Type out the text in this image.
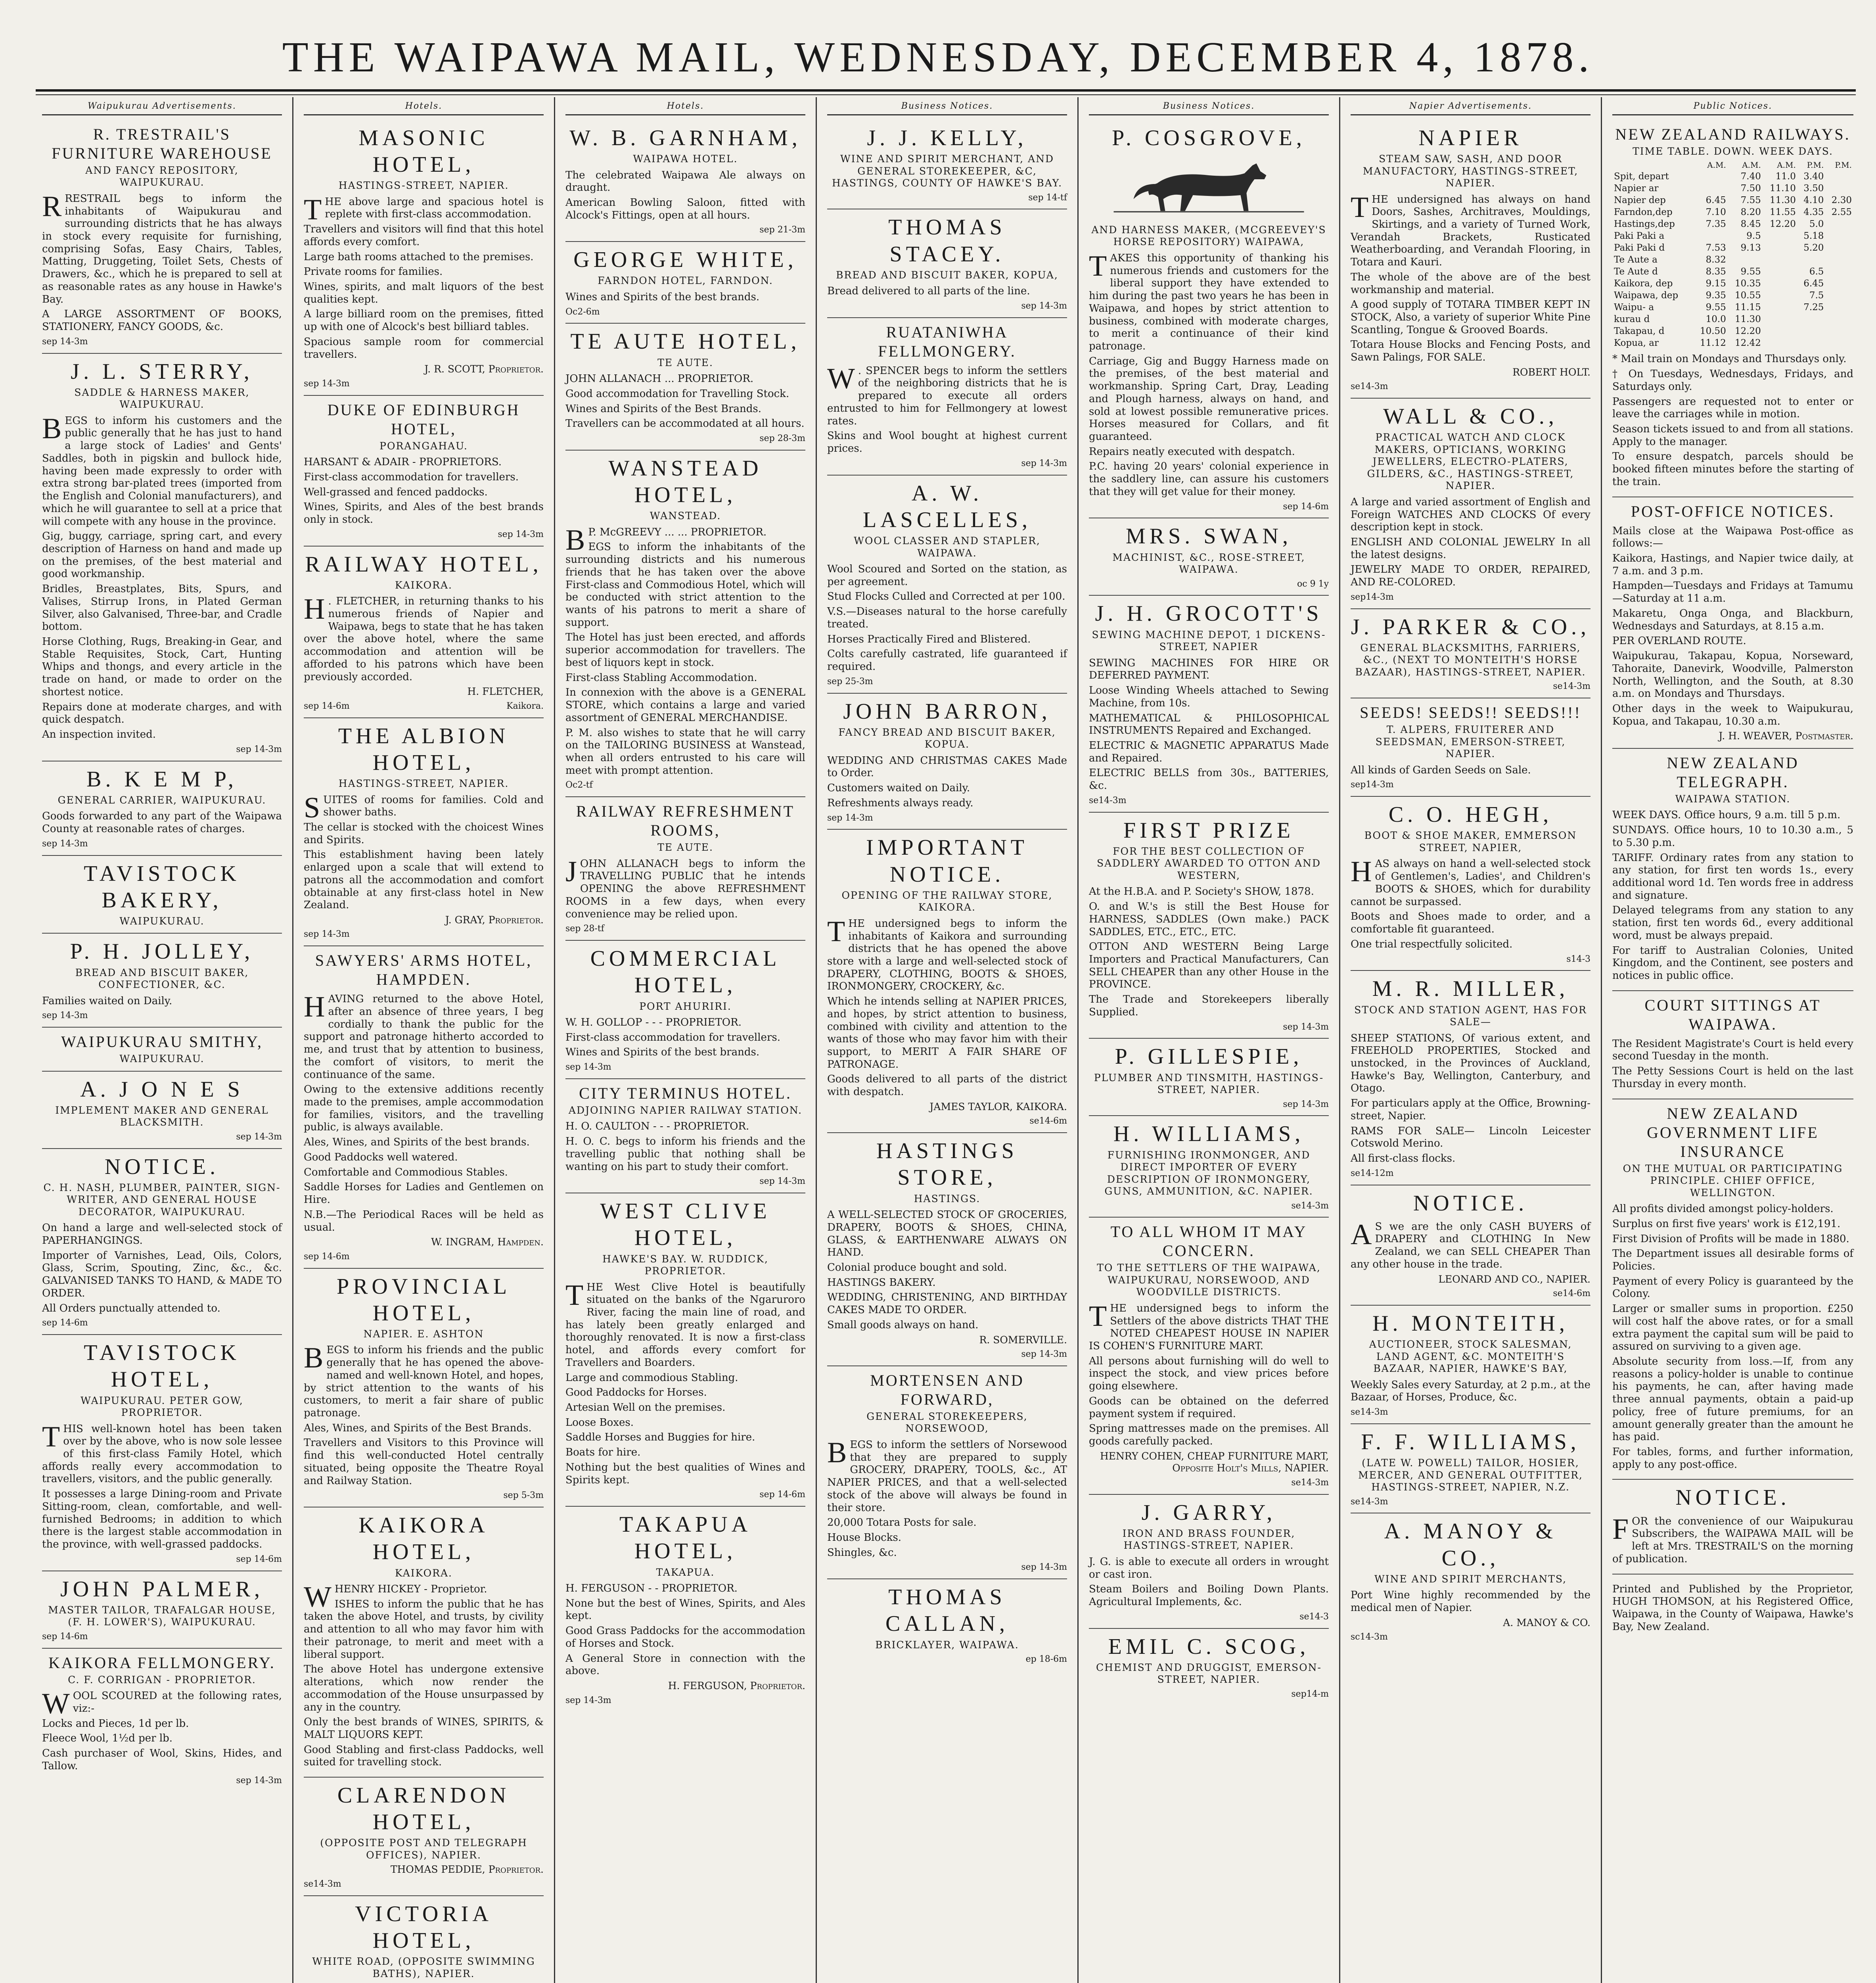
THE WAIPAWA MAIL, WEDNESDAY, DECEMBER 4, 1878.
Waipukurau Advertisements.
R. TRESTRAIL'S FURNITURE WAREHOUSE
AND FANCY REPOSITORY, WAIPUKURAU.

RRESTRAIL begs to inform the inhabitants of Waipukurau and surrounding districts that he has always in stock every requisite for furnishing, comprising Sofas, Easy Chairs, Tables, Matting, Druggeting, Toilet Sets, Chests of Drawers, &c., which he is prepared to sell at as reasonable rates as any house in Hawke's Bay.

A LARGE ASSORTMENT OF BOOKS, STATIONERY, FANCY GOODS, &c.

sep 14-3m
J. L. STERRY,
SADDLE & HARNESS MAKER, WAIPUKURAU.

BEGS to inform his customers and the public generally that he has just to hand a large stock of Ladies' and Gents' Saddles, both in pigskin and bullock hide, having been made expressly to order with extra strong bar-plated trees (imported from the English and Colonial manufacturers), and which he will guarantee to sell at a price that will compete with any house in the province.

Gig, buggy, carriage, spring cart, and every description of Harness on hand and made up on the premises, of the best material and good workmanship.

Bridles, Breastplates, Bits, Spurs, and Valises, Stirrup Irons, in Plated German Silver, also Galvanised, Three-bar, and Cradle bottom.

Horse Clothing, Rugs, Breaking-in Gear, and Stable Requisites, Stock, Cart, Hunting Whips and thongs, and every article in the trade on hand, or made to order on the shortest notice.

Repairs done at moderate charges, and with quick despatch.

An inspection invited.

sep 14-3m
B. K E M P,
GENERAL CARRIER, WAIPUKURAU.

Goods forwarded to any part of the Waipawa County at reasonable rates of charges.

sep 14-3m
TAVISTOCK BAKERY,
WAIPUKURAU.
P. H. JOLLEY,
BREAD AND BISCUIT BAKER, CONFECTIONER, &C.

Families waited on Daily.

sep 14-3m
WAIPUKURAU SMITHY,
WAIPUKURAU.
A. J O N E S
IMPLEMENT MAKER AND GENERAL BLACKSMITH.
sep 14-3m
NOTICE.
C. H. NASH, PLUMBER, PAINTER, SIGN-WRITER, AND GENERAL HOUSE DECORATOR, WAIPUKURAU.

On hand a large and well-selected stock of PAPERHANGINGS.

Importer of Varnishes, Lead, Oils, Colors, Glass, Scrim, Spouting, Zinc, &c., &c. GALVANISED TANKS TO HAND, & MADE TO ORDER.

All Orders punctually attended to.

sep 14-6m
TAVISTOCK HOTEL,
WAIPUKURAU. PETER GOW, PROPRIETOR.

THIS well-known hotel has been taken over by the above, who is now sole lessee of this first-class Family Hotel, which affords really every accommodation to travellers, visitors, and the public generally.

It possesses a large Dining-room and Private Sitting-room, clean, comfortable, and well-furnished Bedrooms; in addition to which there is the largest stable accommodation in the province, with well-grassed paddocks.

sep 14-6m
JOHN PALMER,
MASTER TAILOR, TRAFALGAR HOUSE, (F. H. LOWER'S), WAIPUKURAU.
sep 14-6m
KAIKORA FELLMONGERY.
C. F. CORRIGAN - PROPRIETOR.

WOOL SCOURED at the following rates, viz:-

Locks and Pieces, 1d per lb.

Fleece Wool, 1½d per lb.

Cash purchaser of Wool, Skins, Hides, and Tallow.

sep 14-3m
Hotels.
MASONIC HOTEL,
HASTINGS-STREET, NAPIER.

THE above large and spacious hotel is replete with first-class accommodation.

Travellers and visitors will find that this hotel affords every comfort.

Large bath rooms attached to the premises.

Private rooms for families.

Wines, spirits, and malt liquors of the best qualities kept.

A large billiard room on the premises, fitted up with one of Alcock's best billiard tables.

Spacious sample room for commercial travellers.

J. R. SCOTT, Proprietor.
sep 14-3m
DUKE OF EDINBURGH HOTEL,
PORANGAHAU.

HARSANT & ADAIR - PROPRIETORS.

First-class accommodation for travellers.

Well-grassed and fenced paddocks.

Wines, Spirits, and Ales of the best brands only in stock.

sep 14-3m
RAILWAY HOTEL,
KAIKORA.

H . FLETCHER, in returning thanks to his numerous friends of Napier and Waipawa, begs to state that he has taken over the above hotel, where the same accommodation and attention will be afforded to his patrons which have been previously accorded.

H. FLETCHER,
sep 14-6m	Kaikora.
THE ALBION HOTEL,
HASTINGS-STREET, NAPIER.

SUITES of rooms for families. Cold and shower baths.

The cellar is stocked with the choicest Wines and Spirits.

This establishment having been lately enlarged upon a scale that will extend to patrons all the accommodation and comfort obtainable at any first-class hotel in New Zealand.

J. GRAY, Proprietor.
sep 14-3m
SAWYERS' ARMS HOTEL, HAMPDEN.

HAVING returned to the above Hotel, after an absence of three years, I beg cordially to thank the public for the support and patronage hitherto accorded to me, and trust that by attention to business, the comfort of visitors, to merit the continuance of the same.

Owing to the extensive additions recently made to the premises, ample accommodation for families, visitors, and the travelling public, is always available.

Ales, Wines, and Spirits of the best brands.

Good Paddocks well watered.

Comfortable and Commodious Stables.

Saddle Horses for Ladies and Gentlemen on Hire.

N.B.—The Periodical Races will be held as usual.

W. INGRAM, Hampden.
sep 14-6m
PROVINCIAL HOTEL,
NAPIER. E. ASHTON

BEGS to inform his friends and the public generally that he has opened the above-named and well-known Hotel, and hopes, by strict attention to the wants of his customers, to merit a fair share of public patronage.

Ales, Wines, and Spirits of the Best Brands.

Travellers and Visitors to this Province will find this well-conducted Hotel centrally situated, being opposite the Theatre Royal and Railway Station.

sep 5-3m
KAIKORA HOTEL,
KAIKORA.

WHENRY HICKEY - Proprietor.

ISHES to inform the public that he has taken the above Hotel, and trusts, by civility and attention to all who may favor him with their patronage, to merit and meet with a liberal support.

The above Hotel has undergone extensive alterations, which now render the accommodation of the House unsurpassed by any in the country.

Only the best brands of WINES, SPIRITS, & MALT LIQUORS KEPT.

Good Stabling and first-class Paddocks, well suited for travelling stock.

CLARENDON HOTEL,
(OPPOSITE POST AND TELEGRAPH OFFICES), NAPIER.
THOMAS PEDDIE, Proprietor.
se14-3m
VICTORIA HOTEL,
WHITE ROAD, (OPPOSITE SWIMMING BATHS), NAPIER.
Hotels.
W. B. GARNHAM,
WAIPAWA HOTEL.

The celebrated Waipawa Ale always on draught.

American Bowling Saloon, fitted with Alcock's Fittings, open at all hours.

sep 21-3m
GEORGE WHITE,
FARNDON HOTEL, FARNDON.

Wines and Spirits of the best brands.

Oc2-6m
TE AUTE HOTEL,
TE AUTE.

JOHN ALLANACH ... PROPRIETOR.

Good accommodation for Travelling Stock.

Wines and Spirits of the Best Brands.

Travellers can be accommodated at all hours.

sep 28-3m
WANSTEAD HOTEL,
WANSTEAD.

B P. McGREEVY ... ... PROPRIETOR.

EGS to inform the inhabitants of the surrounding districts and his numerous friends that he has taken over the above First-class and Commodious Hotel, which will be conducted with strict attention to the wants of his patrons to merit a share of support.

The Hotel has just been erected, and affords superior accommodation for travellers. The best of liquors kept in stock.

First-class Stabling Accommodation.

In connexion with the above is a GENERAL STORE, which contains a large and varied assortment of GENERAL MERCHANDISE.

P. M. also wishes to state that he will carry on the TAILORING BUSINESS at Wanstead, when all orders entrusted to his care will meet with prompt attention.

Oc2-tf
RAILWAY REFRESHMENT ROOMS,
TE AUTE.

JOHN ALLANACH begs to inform the TRAVELLING PUBLIC that he intends OPENING the above REFRESHMENT ROOMS in a few days, when every convenience may be relied upon.

sep 28-tf
COMMERCIAL HOTEL,
PORT AHURIRI.

W. H. GOLLOP - - - PROPRIETOR.

First-class accommodation for travellers.

Wines and Spirits of the best brands.

sep 14-3m
CITY TERMINUS HOTEL.
ADJOINING NAPIER RAILWAY STATION.

H. O. CAULTON - - - PROPRIETOR.

H. O. C. begs to inform his friends and the travelling public that nothing shall be wanting on his part to study their comfort.

sep 14-3m
WEST CLIVE HOTEL,
HAWKE'S BAY. W. RUDDICK, PROPRIETOR.

THE West Clive Hotel is beautifully situated on the banks of the Ngaruroro River, facing the main line of road, and has lately been greatly enlarged and thoroughly renovated. It is now a first-class hotel, and affords every comfort for Travellers and Boarders.

Large and commodious Stabling.

Good Paddocks for Horses.

Artesian Well on the premises.

Loose Boxes.

Saddle Horses and Buggies for hire.

Boats for hire.

Nothing but the best qualities of Wines and Spirits kept.

sep 14-6m
TAKAPUA HOTEL,
TAKAPUA.

H. FERGUSON - - PROPRIETOR.

None but the best of Wines, Spirits, and Ales kept.

Good Grass Paddocks for the accommodation of Horses and Stock.

A General Store in connection with the above.

H. FERGUSON, Proprietor.
sep 14-3m
Business Notices.
J. J. KELLY,
WINE AND SPIRIT MERCHANT, AND GENERAL STOREKEEPER, &C, HASTINGS, COUNTY OF HAWKE'S BAY.
sep 14-tf
THOMAS STACEY.
BREAD AND BISCUIT BAKER, KOPUA,

Bread delivered to all parts of the line.

sep 14-3m
RUATANIWHA FELLMONGERY.

W . SPENCER begs to inform the settlers of the neighboring districts that he is prepared to execute all orders entrusted to him for Fellmongery at lowest rates.

Skins and Wool bought at highest current prices.

sep 14-3m
A. W. LASCELLES,
WOOL CLASSER AND STAPLER, WAIPAWA.

Wool Scoured and Sorted on the station, as per agreement.

Stud Flocks Culled and Corrected at per 100.

V.S.—Diseases natural to the horse carefully treated.

Horses Practically Fired and Blistered.

Colts carefully castrated, life guaranteed if required.

sep 25-3m
JOHN BARRON,
FANCY BREAD AND BISCUIT BAKER, KOPUA.

WEDDING AND CHRISTMAS CAKES Made to Order.

Customers waited on Daily.

Refreshments always ready.

sep 14-3m
IMPORTANT NOTICE.
OPENING OF THE RAILWAY STORE, KAIKORA.

THE undersigned begs to inform the inhabitants of Kaikora and surrounding districts that he has opened the above store with a large and well-selected stock of DRAPERY, CLOTHING, BOOTS & SHOES, IRONMONGERY, CROCKERY, &c.

Which he intends selling at NAPIER PRICES, and hopes, by strict attention to business, combined with civility and attention to the wants of those who may favor him with their support, to MERIT A FAIR SHARE OF PATRONAGE.

Goods delivered to all parts of the district with despatch.

JAMES TAYLOR, KAIKORA.
se14-6m
HASTINGS STORE,
HASTINGS.

A WELL-SELECTED STOCK OF GROCERIES, DRAPERY, BOOTS & SHOES, CHINA, GLASS, & EARTHENWARE ALWAYS ON HAND.

Colonial produce bought and sold.

HASTINGS BAKERY.

WEDDING, CHRISTENING, AND BIRTHDAY CAKES MADE TO ORDER.

Small goods always on hand.

R. SOMERVILLE.
sep 14-3m
MORTENSEN AND FORWARD,
GENERAL STOREKEEPERS, NORSEWOOD,

BEGS to inform the settlers of Norsewood that they are prepared to supply GROCERY, DRAPERY, TOOLS, &c., AT NAPIER PRICES, and that a well-selected stock of the above will always be found in their store.

20,000 Totara Posts for sale.

House Blocks.

Shingles, &c.

sep 14-3m
THOMAS CALLAN,
BRICKLAYER, WAIPAWA.
ep 18-6m
Business Notices.
P. COSGROVE,
AND HARNESS MAKER, (MCGREEVEY'S HORSE REPOSITORY) WAIPAWA,

TAKES this opportunity of thanking his numerous friends and customers for the liberal support they have extended to him during the past two years he has been in Waipawa, and hopes by strict attention to business, combined with moderate charges, to merit a continuance of their kind patronage.

Carriage, Gig and Buggy Harness made on the premises, of the best material and workmanship. Spring Cart, Dray, Leading and Plough harness, always on hand, and sold at lowest possible remunerative prices. Horses measured for Collars, and fit guaranteed.

Repairs neatly executed with despatch.

P.C. having 20 years' colonial experience in the saddlery line, can assure his customers that they will get value for their money.

sep 14-6m
MRS. SWAN,
MACHINIST, &C., ROSE-STREET, WAIPAWA.
oc 9 1y
J. H. GROCOTT'S
SEWING MACHINE DEPOT, 1 DICKENS-STREET, NAPIER

SEWING MACHINES FOR HIRE OR DEFERRED PAYMENT.

Loose Winding Wheels attached to Sewing Machine, from 10s.

MATHEMATICAL & PHILOSOPHICAL INSTRUMENTS Repaired and Exchanged.

ELECTRIC & MAGNETIC APPARATUS Made and Repaired.

ELECTRIC BELLS from 30s., BATTERIES, &c.

se14-3m
FIRST PRIZE
FOR THE BEST COLLECTION OF SADDLERY AWARDED TO OTTON AND WESTERN,

At the H.B.A. and P. Society's SHOW, 1878.

O. and W.'s is still the Best House for HARNESS, SADDLES (Own make.) PACK SADDLES, ETC., ETC., ETC.

OTTON AND WESTERN Being Large Importers and Practical Manufacturers, Can SELL CHEAPER than any other House in the PROVINCE.

The Trade and Storekeepers liberally Supplied.

sep 14-3m
P. GILLESPIE,
PLUMBER AND TINSMITH, HASTINGS-STREET, NAPIER.
sep 14-3m
H. WILLIAMS,
FURNISHING IRONMONGER, AND DIRECT IMPORTER OF EVERY DESCRIPTION OF IRONMONGERY, GUNS, AMMUNITION, &C. NAPIER.
se14-3m
TO ALL WHOM IT MAY CONCERN.
TO THE SETTLERS OF THE WAIPAWA, WAIPUKURAU, NORSEWOOD, AND WOODVILLE DISTRICTS.

THE undersigned begs to inform the Settlers of the above districts THAT THE NOTED CHEAPEST HOUSE IN NAPIER IS COHEN'S FURNITURE MART.

All persons about furnishing will do well to inspect the stock, and view prices before going elsewhere.

Goods can be obtained on the deferred payment system if required.

Spring mattresses made on the premises. All goods carefully packed.

HENRY COHEN, CHEAP FURNITURE MART, Opposite Holt's Mills, NAPIER.
se14-3m
J. GARRY,
IRON AND BRASS FOUNDER, HASTINGS-STREET, NAPIER.

J. G. is able to execute all orders in wrought or cast iron.

Steam Boilers and Boiling Down Plants. Agricultural Implements, &c.

se14-3
EMIL C. SCOG,
CHEMIST AND DRUGGIST, EMERSON-STREET, NAPIER.
sep14-m
Napier Advertisements.
NAPIER
STEAM SAW, SASH, AND DOOR MANUFACTORY, HASTINGS-STREET, NAPIER.

THE undersigned has always on hand Doors, Sashes, Architraves, Mouldings, Skirtings, and a variety of Turned Work, Verandah Brackets, Rusticated Weatherboarding, and Verandah Flooring, in Totara and Kauri.

The whole of the above are of the best workmanship and material.

A good supply of TOTARA TIMBER KEPT IN STOCK, Also, a variety of superior White Pine Scantling, Tongue & Grooved Boards.

Totara House Blocks and Fencing Posts, and Sawn Palings, FOR SALE.

ROBERT HOLT.
se14-3m
WALL & CO.,
PRACTICAL WATCH AND CLOCK MAKERS, OPTICIANS, WORKING JEWELLERS, ELECTRO-PLATERS, GILDERS, &C., HASTINGS-STREET, NAPIER.

A large and varied assortment of English and Foreign WATCHES AND CLOCKS Of every description kept in stock.

ENGLISH AND COLONIAL JEWELRY In all the latest designs.

JEWELRY MADE TO ORDER, REPAIRED, AND RE-COLORED.

sep14-3m
J. PARKER & CO.,
GENERAL BLACKSMITHS, FARRIERS, &C., (NEXT TO MONTEITH'S HORSE BAZAAR), HASTINGS-STREET, NAPIER.
se14-3m
SEEDS! SEEDS!! SEEDS!!!
T. ALPERS, FRUITERER AND SEEDSMAN, EMERSON-STREET, NAPIER.

All kinds of Garden Seeds on Sale.

sep14-3m
C. O. HEGH,
BOOT & SHOE MAKER, EMMERSON STREET, NAPIER,

HAS always on hand a well-selected stock of Gentlemen's, Ladies', and Children's BOOTS & SHOES, which for durability cannot be surpassed.

Boots and Shoes made to order, and a comfortable fit guaranteed.

One trial respectfully solicited.

s14-3
M. R. MILLER,
STOCK AND STATION AGENT, HAS FOR SALE—

SHEEP STATIONS, Of various extent, and FREEHOLD PROPERTIES, Stocked and unstocked, in the Provinces of Auckland, Hawke's Bay, Wellington, Canterbury, and Otago.

For particulars apply at the Office, Browning-street, Napier.

RAMS FOR SALE— Lincoln Leicester Cotswold Merino.

All first-class flocks.

se14-12m
NOTICE.

A S we are the only CASH BUYERS of DRAPERY and CLOTHING In New Zealand, we can SELL CHEAPER Than any other house in the trade.

LEONARD AND CO., NAPIER.
se14-6m
H. MONTEITH,
AUCTIONEER, STOCK SALESMAN, LAND AGENT, &C. MONTEITH'S BAZAAR, NAPIER, HAWKE'S BAY,

Weekly Sales every Saturday, at 2 p.m., at the Bazaar, of Horses, Produce, &c.

se14-3m
F. F. WILLIAMS,
(LATE W. POWELL) TAILOR, HOSIER, MERCER, AND GENERAL OUTFITTER, HASTINGS-STREET, NAPIER, N.Z.
se14-3m
A. MANOY & CO.,
WINE AND SPIRIT MERCHANTS,

Port Wine highly recommended by the medical men of Napier.

A. MANOY & CO.
sc14-3m
Public Notices.
NEW ZEALAND RAILWAYS.
TIME TABLE. DOWN. WEEK DAYS.
	A.M.	A.M.	A.M.	P.M.	P.M.
Spit, depart		7.40	11.0	3.40	
Napier ar		7.50	11.10	3.50	
Napier dep	6.45	7.55	11.30	4.10	2.30
Farndon,dep	7.10	8.20	11.55	4.35	2.55
Hastings,dep	7.35	8.45	12.20	5.0	
Paki Paki a		9.5		5.18	
Paki Paki d	7.53	9.13		5.20	
Te Aute a	8.32				
Te Aute d	8.35	9.55		6.5	
Kaikora, dep	9.15	10.35		6.45	
Waipawa, dep	9.35	10.55		7.5	
Waipu- a	9.55	11.15		7.25	
kurau d	10.0	11.30			
Takapau, d	10.50	12.20			
Kopua, ar	11.12	12.42			

* Mail train on Mondays and Thursdays only.

† On Tuesdays, Wednesdays, Fridays, and Saturdays only.

Passengers are requested not to enter or leave the carriages while in motion.

Season tickets issued to and from all stations. Apply to the manager.

To ensure despatch, parcels should be booked fifteen minutes before the starting of the train.

POST-OFFICE NOTICES.

Mails close at the Waipawa Post-office as follows:—

Kaikora, Hastings, and Napier twice daily, at 7 a.m. and 3 p.m.

Hampden—Tuesdays and Fridays at Tamumu—Saturday at 11 a.m.

Makaretu, Onga Onga, and Blackburn, Wednesdays and Saturdays, at 8.15 a.m.

PER OVERLAND ROUTE.

Waipukurau, Takapau, Kopua, Norseward, Tahoraite, Danevirk, Woodville, Palmerston North, Wellington, and the South, at 8.30 a.m. on Mondays and Thursdays.

Other days in the week to Waipukurau, Kopua, and Takapau, 10.30 a.m.

J. H. WEAVER, Postmaster.
NEW ZEALAND TELEGRAPH.
WAIPAWA STATION.

WEEK DAYS. Office hours, 9 a.m. till 5 p.m.

SUNDAYS. Office hours, 10 to 10.30 a.m., 5 to 5.30 p.m.

TARIFF. Ordinary rates from any station to any station, for first ten words 1s., every additional word 1d. Ten words free in address and signature.

Delayed telegrams from any station to any station, first ten words 6d., every additional word, must be always prepaid.

For tariff to Australian Colonies, United Kingdom, and the Continent, see posters and notices in public office.

COURT SITTINGS AT WAIPAWA.

The Resident Magistrate's Court is held every second Tuesday in the month.

The Petty Sessions Court is held on the last Thursday in every month.

NEW ZEALAND GOVERNMENT LIFE INSURANCE
ON THE MUTUAL OR PARTICIPATING PRINCIPLE. CHIEF OFFICE, WELLINGTON.

All profits divided amongst policy-holders.

Surplus on first five years' work is £12,191.

First Division of Profits will be made in 1880.

The Department issues all desirable forms of Policies.

Payment of every Policy is guaranteed by the Colony.

Larger or smaller sums in proportion. £250 will cost half the above rates, or for a small extra payment the capital sum will be paid to assured on surviving to a given age.

Absolute security from loss.—If, from any reasons a policy-holder is unable to continue his payments, he can, after having made three annual payments, obtain a paid-up policy, free of future premiums, for an amount generally greater than the amount he has paid.

For tables, forms, and further information, apply to any post-office.

NOTICE.

FOR the convenience of our Waipukurau Subscribers, the WAIPAWA MAIL will be left at Mrs. TRESTRAIL'S on the morning of publication.

Printed and Published by the Proprietor, HUGH THOMSON, at his Registered Office, Waipawa, in the County of Waipawa, Hawke's Bay, New Zealand.
